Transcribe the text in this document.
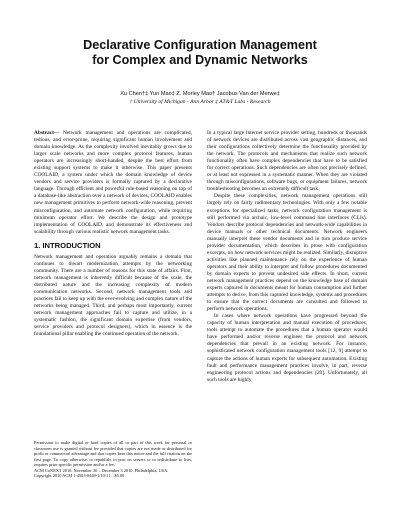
Declarative Configuration Management
for Complex and Dynamic Networks
Xu Chen†‡ Yun Mao‡ Z. Morley Mao† Jacobus Van der Merwe‡
† University of Michigan - Ann Arbor ‡ AT&T Labs - Research

Abstract— Network management and operations are complicated, tedious, and error-prone, requiring significant human involvement and domain knowledge. As the complexity involved inevitably grows due to larger scale networks and more complex protocol features, human operators are increasingly short-handed, despite the best effort from existing support systems to make it otherwise. This paper presents COOLAID, a system under which the domain knowledge of device vendors and service providers is formally captured by a declarative language. Through efficient and powerful rule-based reasoning on top of a database-like abstraction over a network of devices, COOLAID enables new management primitives to perform network-wide reasoning, prevent misconfiguration, and automate network configuration, while requiring minimum operator effort. We describe the design and prototype implementation of COOLAID, and demonstrate its effectiveness and scalability through various realistic network management tasks.

1. INTRODUCTION

Network management and operation arguably remains a domain that continues to thwart modernization attempts by the networking community. There are a number of reasons for this state of affairs. First, network management is inherently difficult because of the scale, the distributed nature and the increasing complexity of modern communication networks. Second, network management tools and practices fail to keep up with the ever-evolving and complex nature of the networks being managed. Third, and perhaps most importantly, current network management approaches fail to capture and utilize, in a systematic fashion, the significant domain expertise (from vendors, service providers and protocol designers), which in essence is the foundational pillar enabling the continued operation of the network.

Permission to make digital or hard copies of all or part of this work for personal or classroom use is granted without fee provided that copies are not made or distributed for profit or commercial advantage and that copies bear this notice and the full citation on the first page. To copy otherwise, to republish, to post on servers or to redistribute to lists, requires prior specific permission and/or a fee.

ACM CoNEXT 2010, November 30 – December 3 2010, Philadelphia, USA.

Copyright 2010 ACM 1-4503-0448-1/10/11 ...$5.00.

In a typical large Internet service provider setting, hundreds or thousands of network devices are distributed across vast geographic distances, and their configurations collectively determine the functionality provided by the network. The protocols and mechanisms that realize such network functionality often have complex dependencies that have to be satisfied for correct operations. Such dependencies are often not precisely defined, or at least not expressed in a systematic manner. When they are violated through misconfigurations, software bugs, or equipment failures, network troubleshooting becomes an extremely difficult task.

Despite these complexities, network management operations still largely rely on fairly rudimentary technologies. With only a few notable exceptions for specialized tasks, network configuration management is still performed via archaic, low-level command line interfaces (CLIs). Vendors describe protocol dependencies and network-wide capabilities in device manuals or other technical documents. Network engineers manually interpret these vendor documents and in turn produce service provider documentation, which describes in prose with configuration excerpts, on how network services might be realized. Similarly, disruptive activities like planned maintenance rely on the experience of human operators and their ability to interpret and follow procedures documented by domain experts to prevent undesired side effects. In short, current network management practices depend on the knowledge base of domain experts captured in documents meant for human consumption and further attempts to derive, from this captured knowledge, systems and procedures to ensure that the correct documents are consulted and followed to perform network operations.

In cases where network operations have progressed beyond the capacity of human interpretation and manual execution of procedures, tools attempt to automate the procedures that a human operator would have performed and/or reverse engineer the protocol and network dependencies that prevail in an existing network. For instance, sophisticated network configuration management tools [12, 9] attempt to capture the actions of human experts for subsequent automation. Existing fault and performance management practices involve, in part, reverse engineering protocol actions and dependencies [20]. Unfortunately, all such tools are highly
